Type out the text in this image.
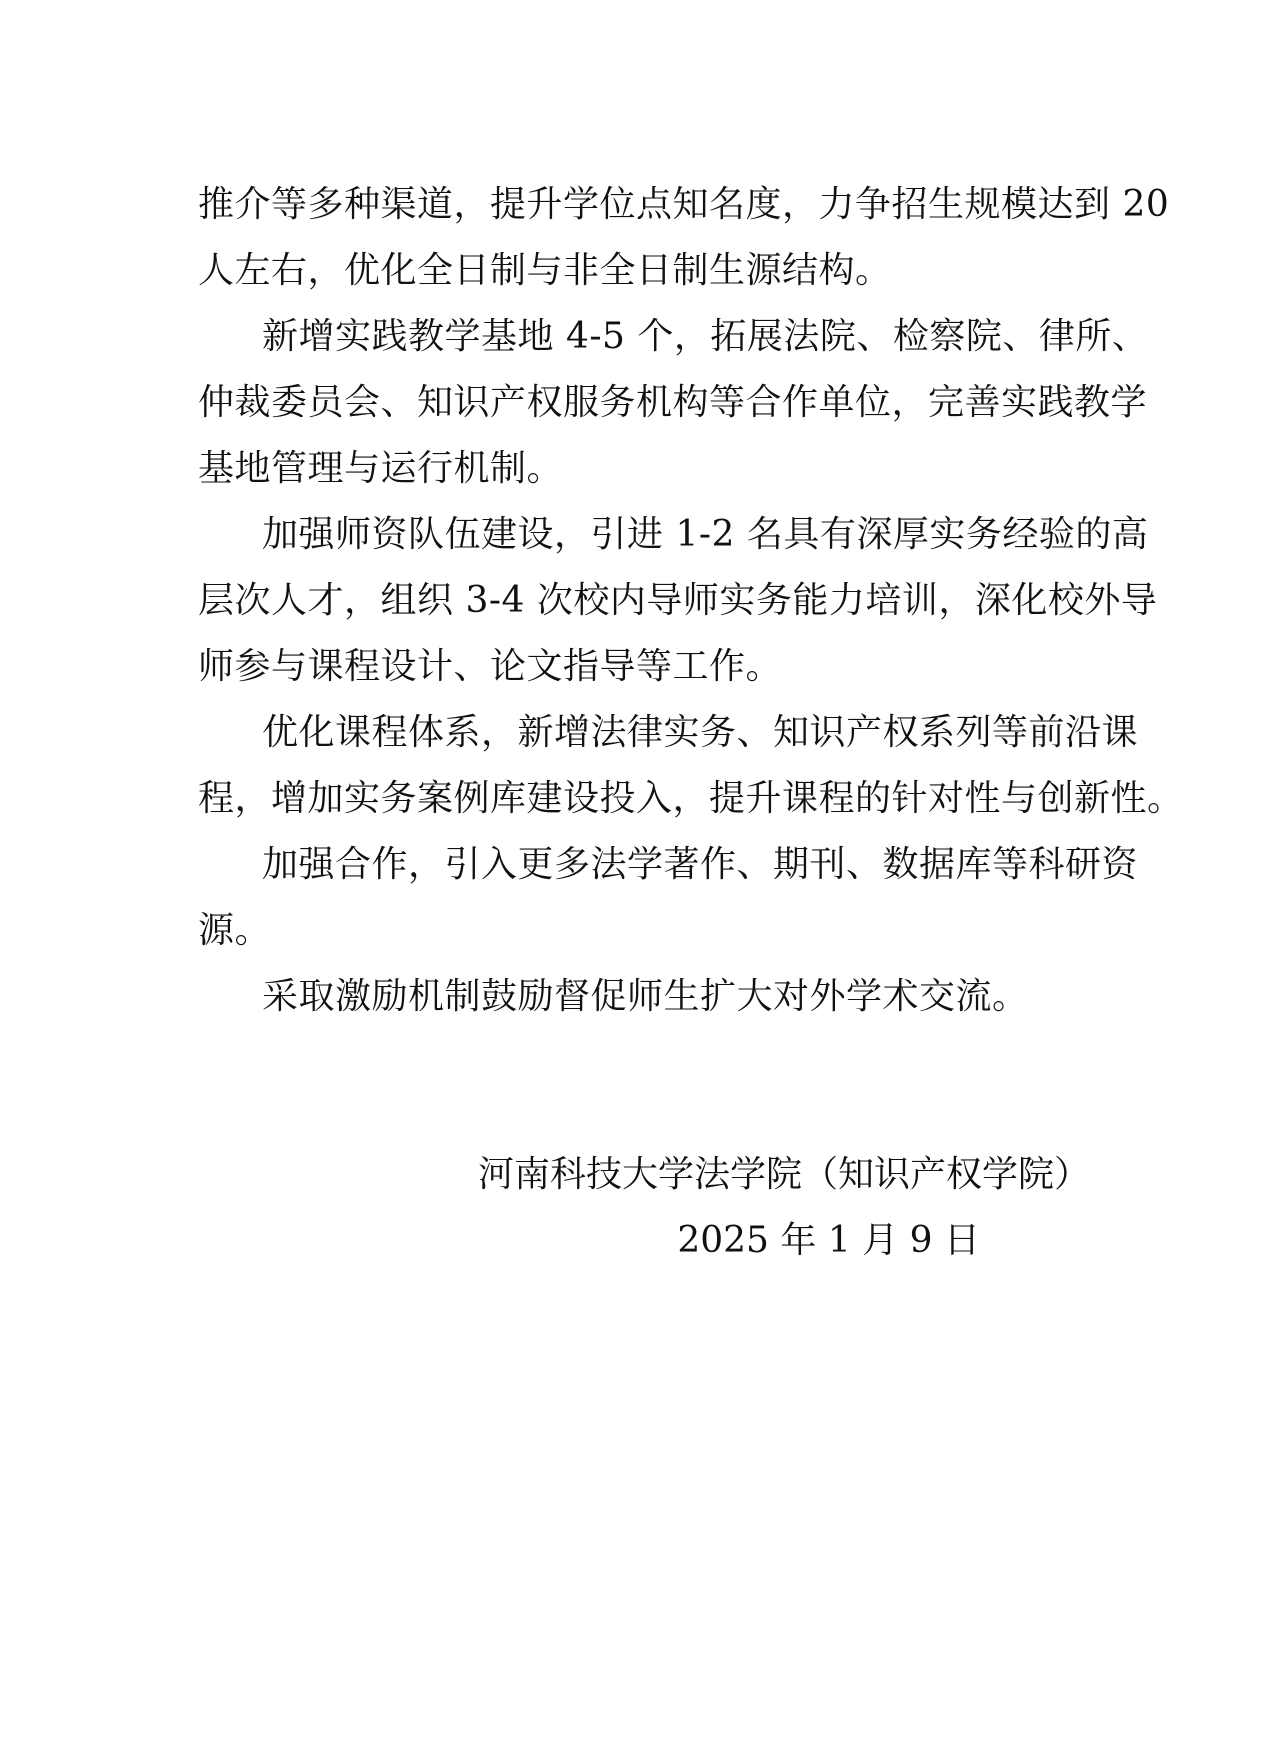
推介等多种渠道，提升学位点知名度，力争招生规模达到 20
人左右，优化全日制与非全日制生源结构。
新增实践教学基地 4-5 个，拓展法院、检察院、律所、
仲裁委员会、知识产权服务机构等合作单位，完善实践教学
基地管理与运行机制。
加强师资队伍建设，引进 1-2 名具有深厚实务经验的高
层次人才，组织 3-4 次校内导师实务能力培训，深化校外导
师参与课程设计、论文指导等工作。
优化课程体系，新增法律实务、知识产权系列等前沿课
程，增加实务案例库建设投入，提升课程的针对性与创新性。
加强合作，引入更多法学著作、期刊、数据库等科研资
源。
采取激励机制鼓励督促师生扩大对外学术交流。
河南科技大学法学院（知识产权学院）
2025 年 1 月 9 日
